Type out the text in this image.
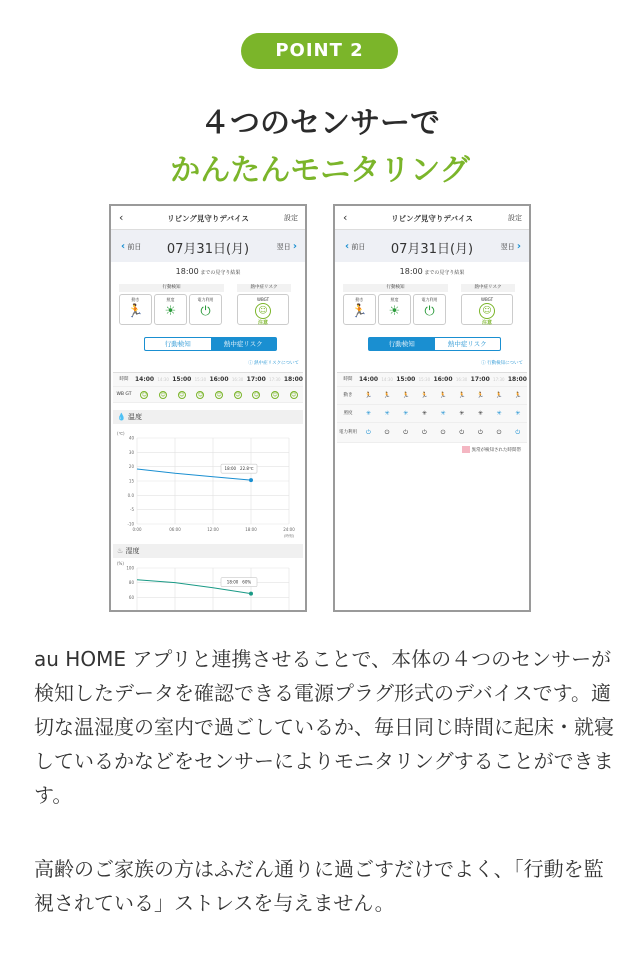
POINT 2
４つのセンサーで
かんたんモニタリング
‹	リビング見守りデバイス	設定
‹ 前日	07月31日(月)	翌日 ›
18:00 までの見守り結果
行動検知
動き
🏃
照度
☀
電力利用
⏻
熱中症リスク
WBGT
☺
注意
行動検知	熱中症リスク
ⓘ 熱中症リスクについて
時間	14:00 14:30 15:00 15:30 16:00 16:30 17:00 17:30 18:00
WB GT	☺	☺	☺	☺	☺	☺	☺	☺	☺
💧 温度
(℃)
40
30
20
15
0.0
-5
-10
0:00	06:00	12:00	18:00	24:00
(時刻)
18:00　22.8℃
♨ 湿度
(%)
100
80
60
40
18:00　60%
‹	リビング見守りデバイス	設定
‹ 前日	07月31日(月)	翌日 ›
18:00 までの見守り結果
行動検知
動き
🏃
照度
☀
電力利用
⏻
熱中症リスク
WBGT
☺
注意
行動検知	熱中症リスク
ⓘ 行動検知について
時間	14:00 14:30 15:00 15:30 16:00 16:30 17:00 17:30 18:00
動き	🏃	🏃	🏃	🏃	🏃	🏃	🏃	🏃	🏃
照度	✳	✳	✳	✳	✳	✳	✳	✳	✳
電力利用	⏻	⏻	⏻	⏻	⏻	⏻	⏻	⏻	⏻
異常が検知された時間帯
au HOME アプリと連携させることで、本体の４つのセンサーが検知したデータを確認できる電源プラグ形式のデバイスです。適切な温湿度の室内で過ごしているか、毎日同じ時間に起床・就寝しているかなどをセンサーによりモニタリングすることができます。
高齢のご家族の方はふだん通りに過ごすだけでよく、「行動を監視されている」ストレスを与えません。
